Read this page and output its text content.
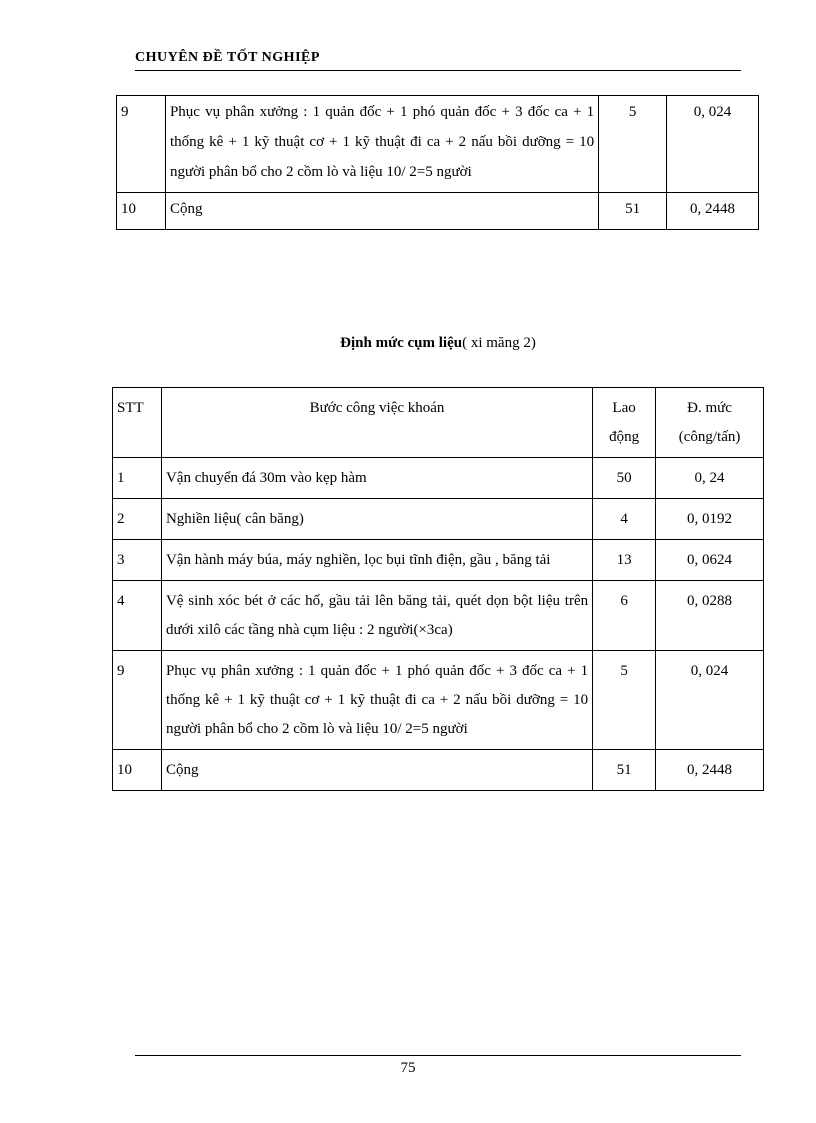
CHUYÊN ĐỀ TỐT NGHIỆP
9	Phục vụ phân xưởng : 1 quản đốc + 1 phó quản đốc + 3 đốc ca + 1 thống kê + 1 kỹ thuật cơ + 1 kỹ thuật đi ca + 2 nấu bồi dưỡng = 10 người phân bổ cho 2 cồm lò và liệu 10/ 2=5 người	5	0, 024
10	Cộng	51	0, 2448
Định mức cụm liệu( xi măng 2)
STT	Bước công việc khoán	Lao động	Đ. mức (công/tấn)
1	Vận chuyển đá 30m vào kẹp hàm	50	0, 24
2	Nghiền liệu( cân băng)	4	0, 0192
3	Vận hành máy búa, máy nghiền, lọc bụi tĩnh điện, gầu , băng tải	13	0, 0624
4	Vệ sinh xóc bét ở các hố, gầu tải lên băng tải, quét dọn bột liệu trên dưới xilô các tầng nhà cụm liệu : 2 người(×3ca)	6	0, 0288
9	Phục vụ phân xưởng : 1 quản đốc + 1 phó quản đốc + 3 đốc ca + 1 thống kê + 1 kỹ thuật cơ + 1 kỹ thuật đi ca + 2 nấu bồi dưỡng = 10 người phân bổ cho 2 cồm lò và liệu 10/ 2=5 người	5	0, 024
10	Cộng	51	0, 2448
75
